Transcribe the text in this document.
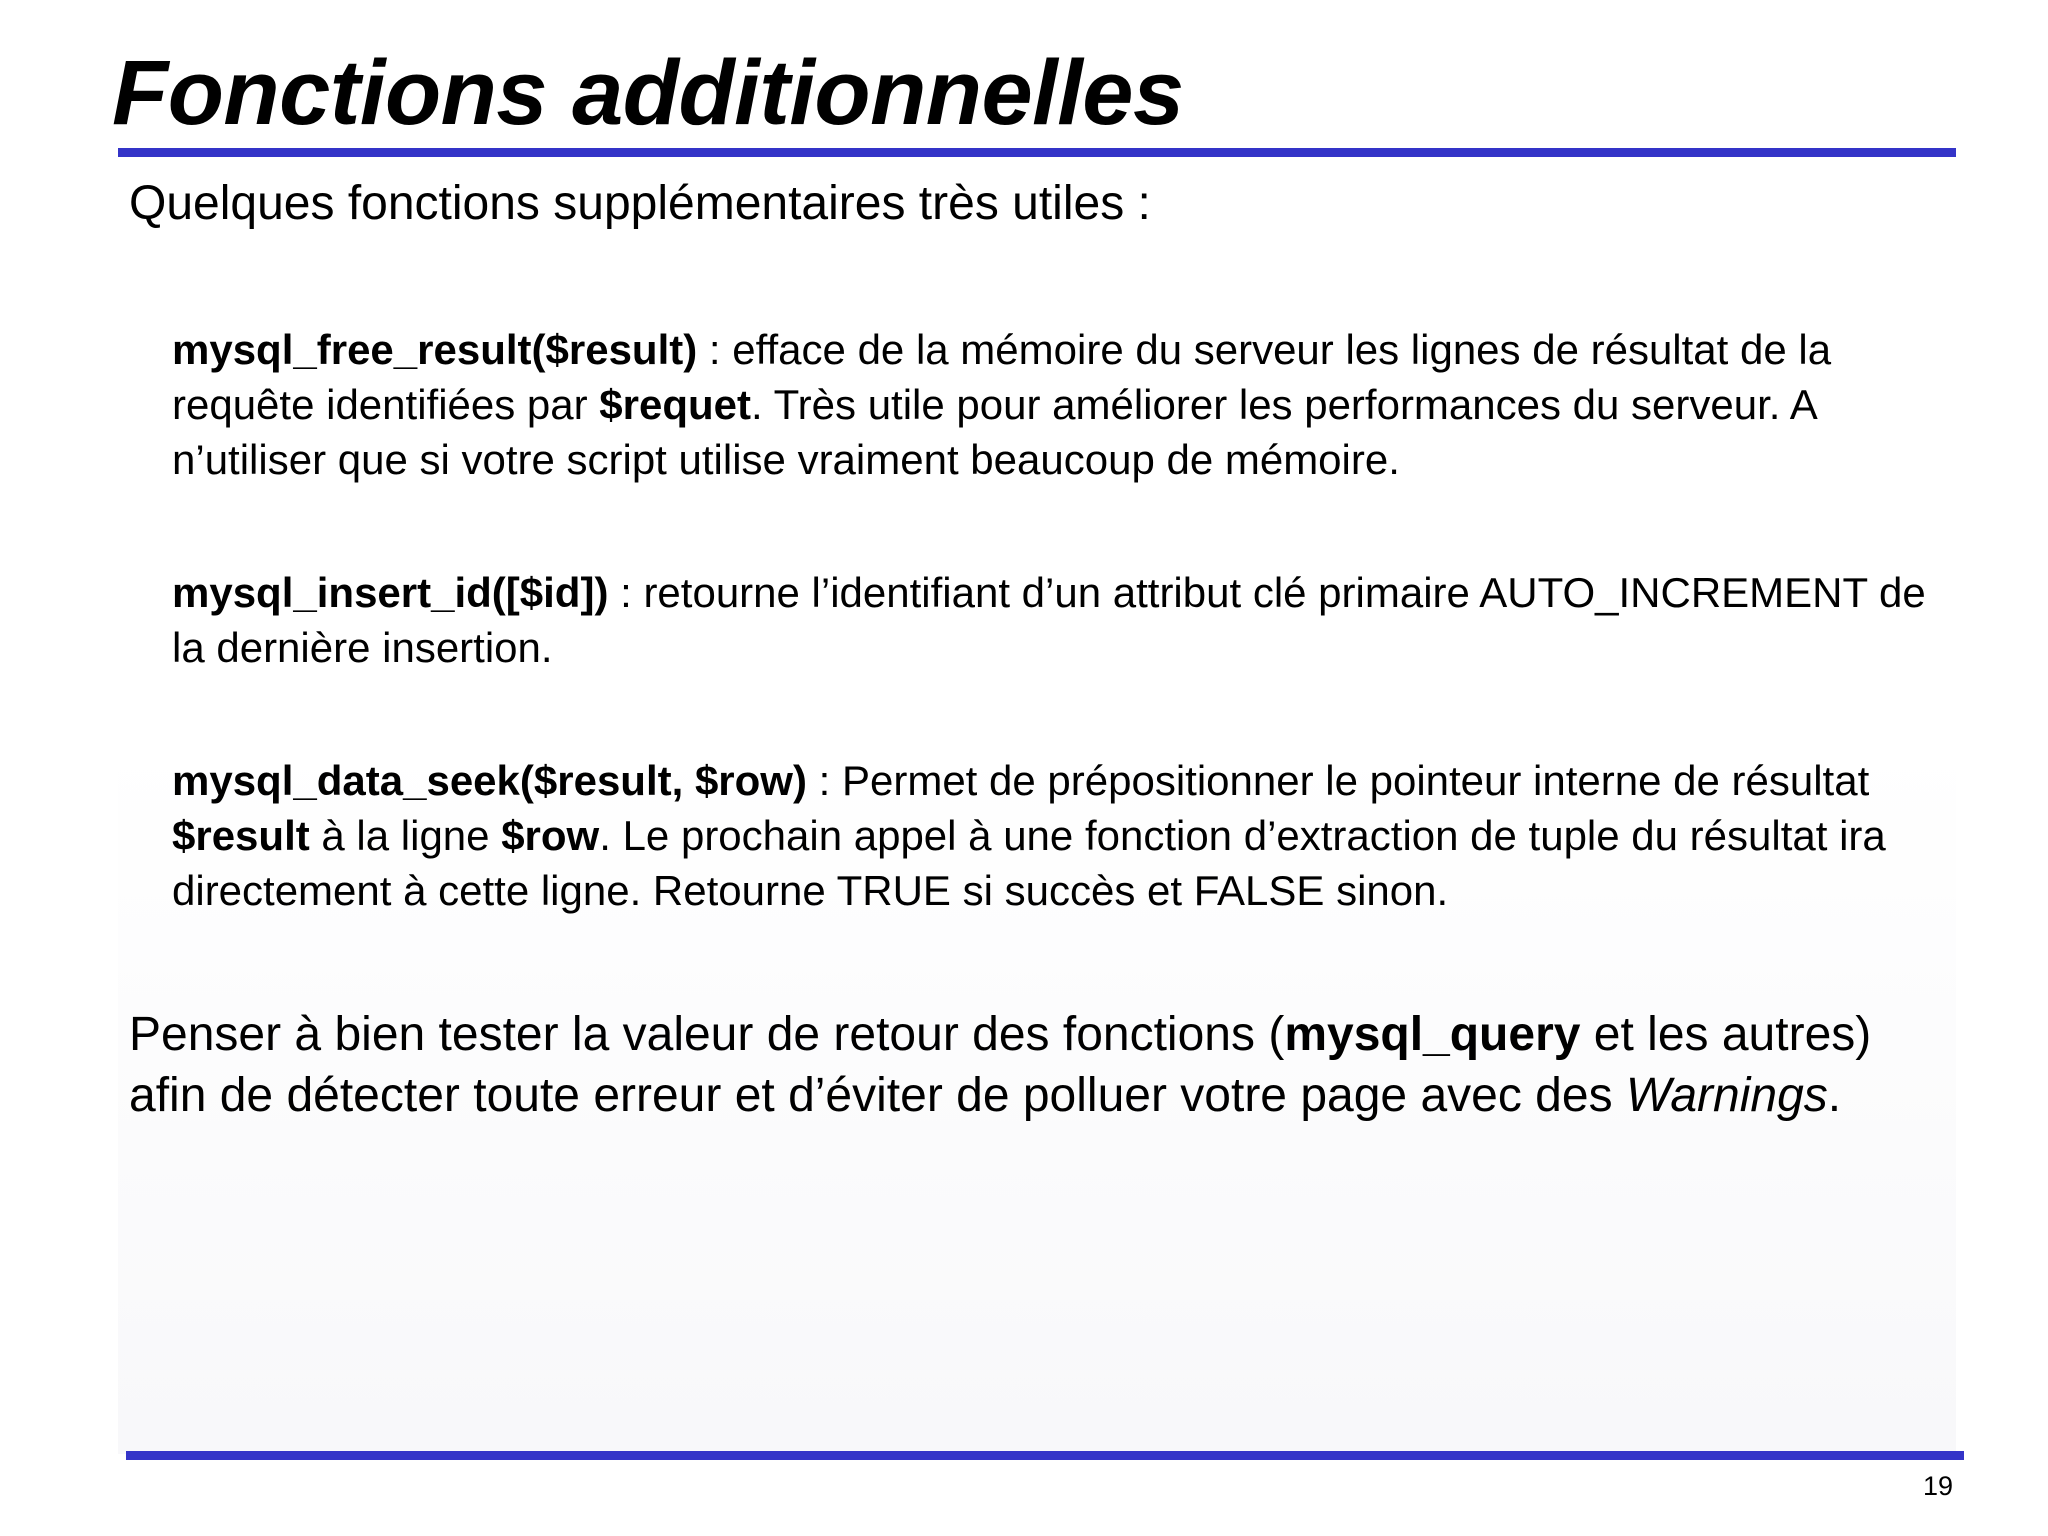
Fonctions additionnelles

Quelques fonctions supplémentaires très utiles :

mysql_free_result($result) : efface de la mémoire du serveur les lignes de résultat de la requête identifiées par $requet. Très utile pour améliorer les performances du serveur. A n’utiliser que si votre script utilise vraiment beaucoup de mémoire.

mysql_insert_id([$id]) : retourne l’identifiant d’un attribut clé primaire AUTO_INCREMENT de la dernière insertion.

mysql_data_seek($result, $row) : Permet de prépositionner le pointeur interne de résultat $result à la ligne $row. Le prochain appel à une fonction d’extraction de tuple du résultat ira directement à cette ligne. Retourne TRUE si succès et FALSE sinon.

Penser à bien tester la valeur de retour des fonctions (mysql_query et les autres) afin de détecter toute erreur et d’éviter de polluer votre page avec des Warnings.

19
